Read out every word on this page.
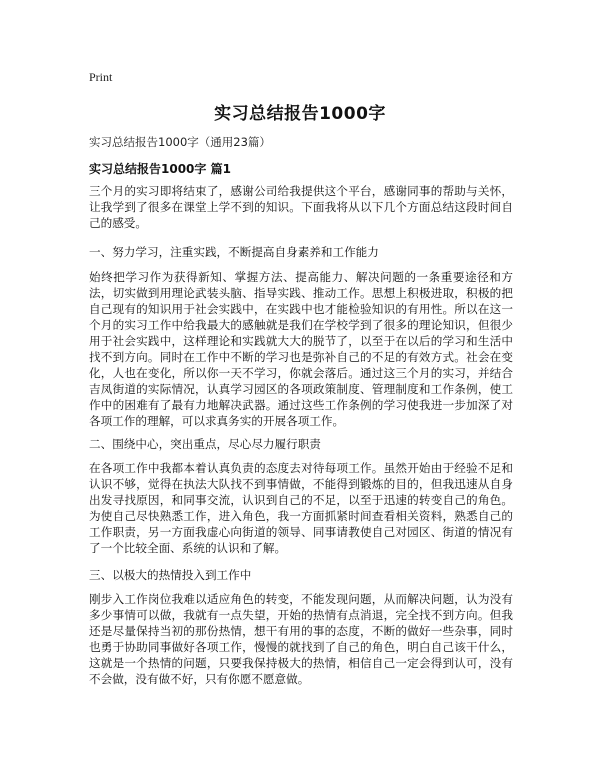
Print
实习总结报告1000字

实习总结报告1000字（通用23篇）

实习总结报告1000字 篇1

三个月的实习即将结束了，感谢公司给我提供这个平台，感谢同事的帮助与关怀，让我学到了很多在课堂上学不到的知识。下面我将从以下几个方面总结这段时间自己的感受。

一、努力学习，注重实践，不断提高自身素养和工作能力

始终把学习作为获得新知、掌握方法、提高能力、解决问题的一条重要途径和方法，切实做到用理论武装头脑、指导实践、推动工作。思想上积极进取，积极的把自己现有的知识用于社会实践中，在实践中也才能检验知识的有用性。所以在这一个月的实习工作中给我最大的感触就是我们在学校学到了很多的理论知识，但很少用于社会实践中，这样理论和实践就大大的脱节了，以至于在以后的学习和生活中找不到方向。同时在工作中不断的学习也是弥补自己的不足的有效方式。社会在变化，人也在变化，所以你一天不学习，你就会落后。通过这三个月的实习，并结合吉凤街道的实际情况，认真学习园区的各项政策制度、管理制度和工作条例，使工作中的困难有了最有力地解决武器。通过这些工作条例的学习使我进一步加深了对各项工作的理解，可以求真务实的开展各项工作。

二、围绕中心，突出重点，尽心尽力履行职责

在各项工作中我都本着认真负责的态度去对待每项工作。虽然开始由于经验不足和认识不够，觉得在执法大队找不到事情做，不能得到锻炼的目的，但我迅速从自身出发寻找原因，和同事交流，认识到自己的不足，以至于迅速的转变自己的角色。为使自己尽快熟悉工作，进入角色，我一方面抓紧时间查看相关资料，熟悉自己的工作职责，另一方面我虚心向街道的领导、同事请教使自己对园区、街道的情况有了一个比较全面、系统的认识和了解。

三、以极大的热情投入到工作中

刚步入工作岗位我难以适应角色的转变，不能发现问题，从而解决问题，认为没有多少事情可以做，我就有一点失望，开始的热情有点消退，完全找不到方向。但我还是尽量保持当初的那份热情，想干有用的事的态度，不断的做好一些杂事，同时也勇于协助同事做好各项工作，慢慢的就找到了自己的角色，明白自己该干什么，这就是一个热情的问题，只要我保持极大的热情，相信自己一定会得到认可，没有不会做，没有做不好，只有你愿不愿意做。
